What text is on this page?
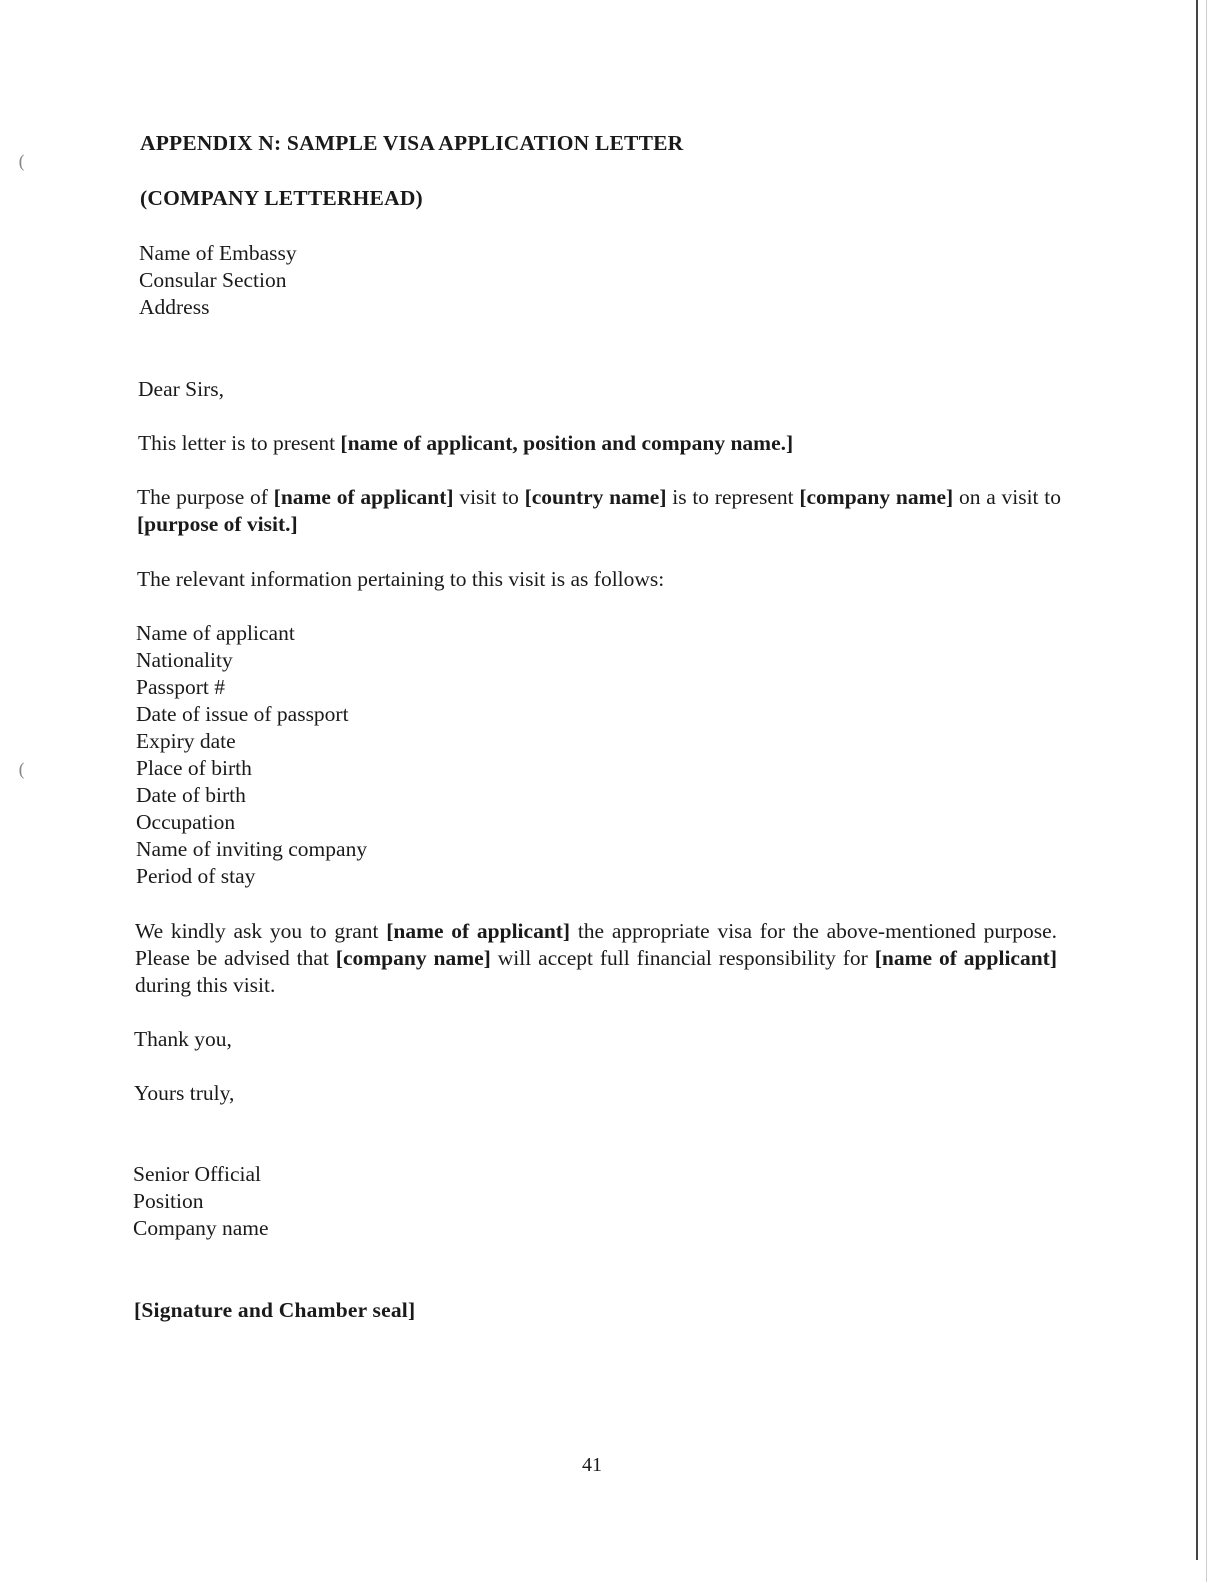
(
(
APPENDIX N: SAMPLE VISA APPLICATION LETTER
(COMPANY LETTERHEAD)
Name of Embassy
Consular Section
Address
Dear Sirs,
This letter is to present [name of applicant, position and company name.]
The purpose of [name of applicant] visit to [country name] is to represent [company name] on a visit to [purpose of visit.]
The relevant information pertaining to this visit is as follows:
Name of applicant
Nationality
Passport #
Date of issue of passport
Expiry date
Place of birth
Date of birth
Occupation
Name of inviting company
Period of stay
We kindly ask you to grant [name of applicant] the appropriate visa for the above-mentioned purpose. Please be advised that [company name] will accept full financial responsibility for [name of applicant] during this visit.
Thank you,
Yours truly,
Senior Official
Position
Company name
[Signature and Chamber seal]
41
